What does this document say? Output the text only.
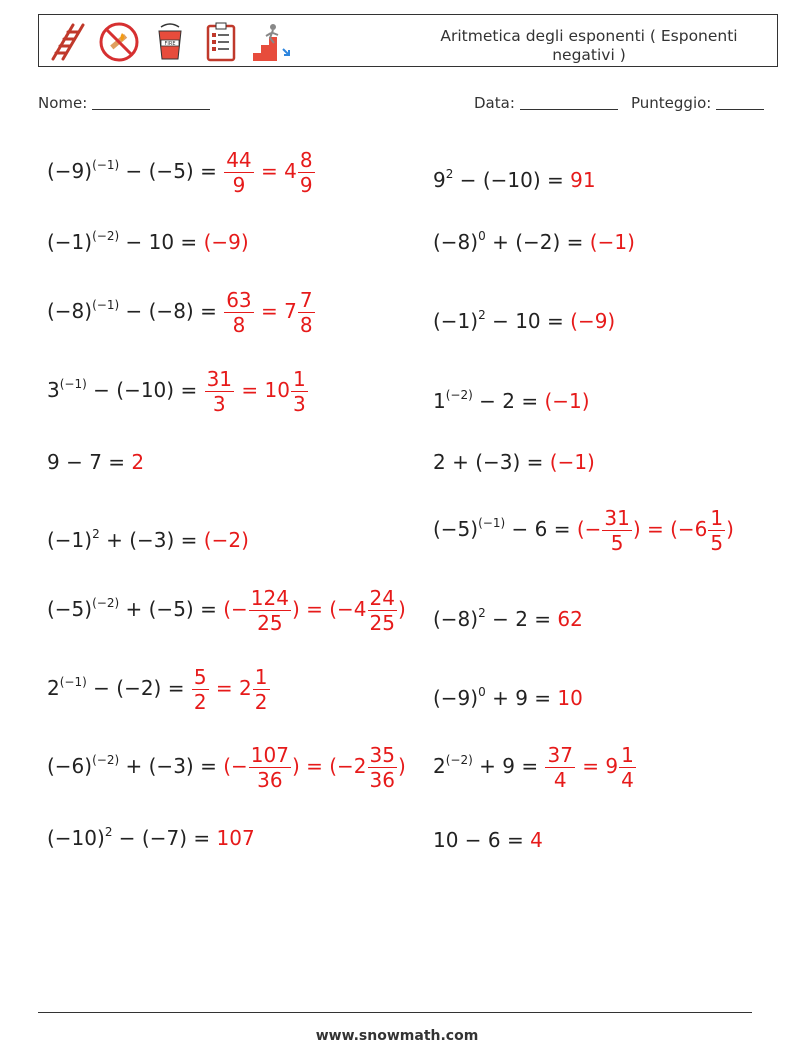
FIRE	Aritmetica degli esponenti ( Esponenti negativi )
Nome:	Data:	Punteggio:
$(-9)^{(-1)} - (-5) = \frac{44}{9} = 4 \frac{8}{9}$
$(-1)^{(-2)} - 10 = (-9)$
$(-8)^{(-1)} - (-8) = \frac{63}{8} = 7 \frac{7}{8}$
$3^{(-1)} - (-10) = \frac{31}{3} = 10 \frac{1}{3}$
9 − 7 = 2
$(-1)^2 + (-3) = (-2)$
$(-5)^{(-2)} + (-5)$ = (− $\frac{124}{25}$ ) = ($-4 \frac{24}{25}$ )
$2^{(-1)} - (-2) = \frac{5}{2} = 2 \frac{1}{2}$
$(-6)^{(-2)} + (-3)$ = (− $\frac{107}{36}$ ) = ($-2 \frac{35}{36}$ )
$(-10)^2 - (-7) = 107$
$9^2 - (-10) = 91$
$(-8)^0 + (-2) = (-1)$
$(-1)^2 - 10 = (-9)$
$1^{(-2)} - 2 = (-1)$
2 + (−3) = (−1)
$(-5)^{(-1)} - 6$ = (− $\frac{31}{5}$ ) = ($-6 \frac{1}{5}$ )
$(-8)^2 - 2 = 62$
$(-9)^0 + 9 = 10$
$2^{(-2)} + 9 = \frac{37}{4} = 9 \frac{1}{4}$
10 − 6 = 4
www.snowmath.com
